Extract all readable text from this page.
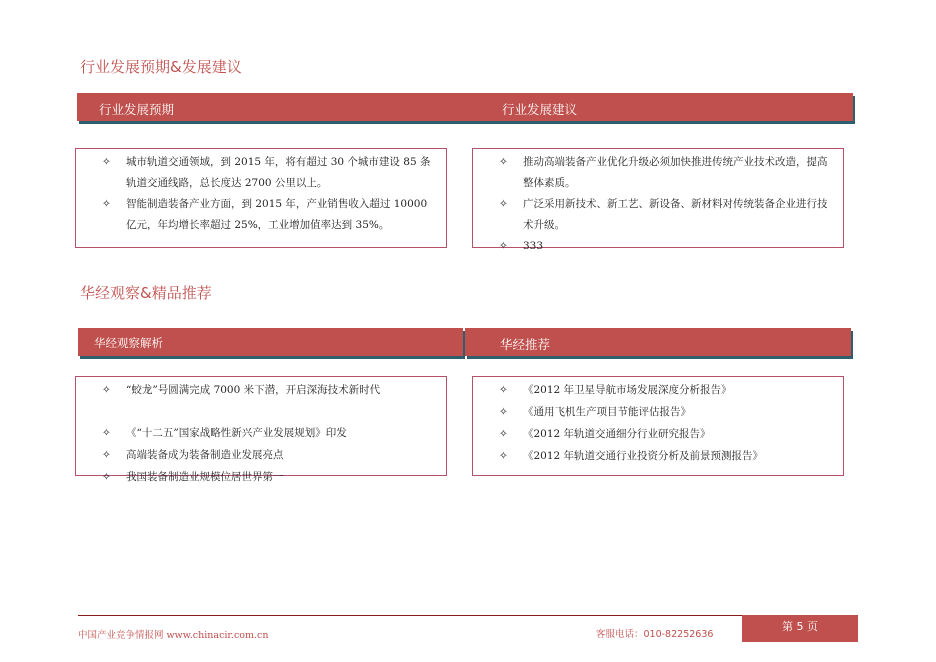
行业发展预期&发展建议
行业发展预期	行业发展建议
✧ 城市轨道交通领域，到 2015 年，将有超过 30 个城市建设 85 条轨道交通线路，总长度达 2700 公里以上。
✧ 智能制造装备产业方面，到 2015 年，产业销售收入超过 10000 亿元，年均增长率超过 25%，工业增加值率达到 35%。
✧ 推动高端装备产业优化升级必须加快推进传统产业技术改造，提高整体素质。
✧ 广泛采用新技术、新工艺、新设备、新材料对传统装备企业进行技术升级。
✧ 333
华经观察&精品推荐
华经观察解析	华经推荐
✧ “蛟龙”号圆满完成 7000 米下潜，开启深海技术新时代
✧ 《“十二五”国家战略性新兴产业发展规划》印发
✧ 高端装备成为装备制造业发展亮点
✧ 我国装备制造业规模位居世界第一
✧ 《2012 年卫星导航市场发展深度分析报告》
✧ 《通用飞机生产项目节能评估报告》
✧ 《2012 年轨道交通细分行业研究报告》
✧ 《2012 年轨道交通行业投资分析及前景预测报告》
中国产业竞争情报网 www.chinacir.com.cn	客服电话：010-82252636
第 5 页
